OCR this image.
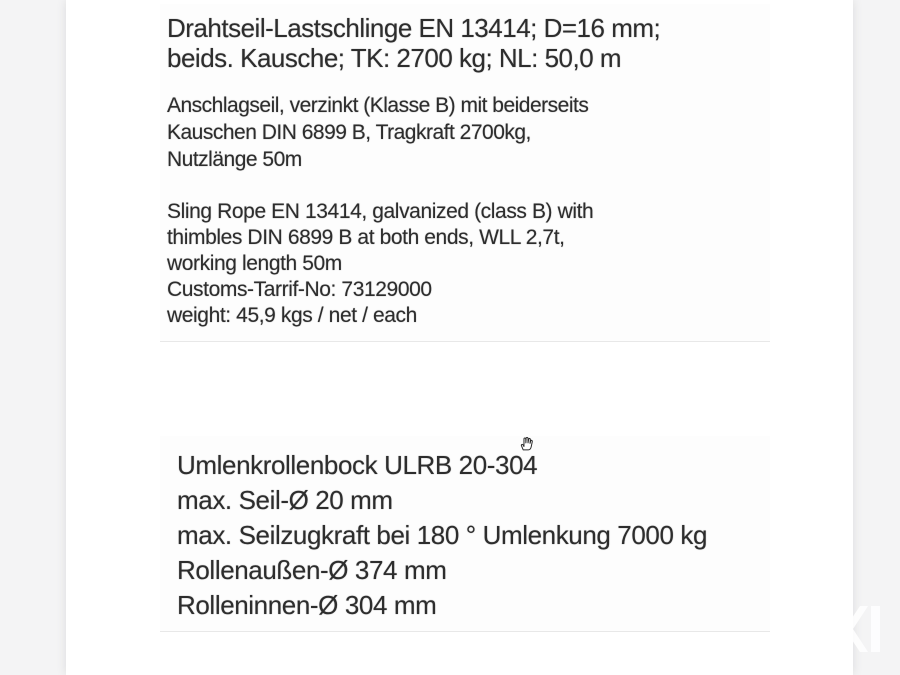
Drahtseil-Lastschlinge EN 13414; D=16 mm;
beids. Kausche; TK: 2700 kg; NL: 50,0 m
Anschlagseil, verzinkt (Klasse B) mit beiderseits
Kauschen DIN 6899 B, Tragkraft 2700kg,
Nutzlänge 50m
Sling Rope EN 13414, galvanized (class B) with
thimbles DIN 6899 B at both ends, WLL 2,7t,
working length 50m
Customs-Tarrif-No: 73129000
weight: 45,9 kgs / net / each
Umlenkrollenbock ULRB 20-304
max. Seil-Ø 20 mm
max. Seilzugkraft bei 180 ° Umlenkung 7000 kg
Rollenaußen-Ø 374 mm
Rolleninnen-Ø 304 mm
